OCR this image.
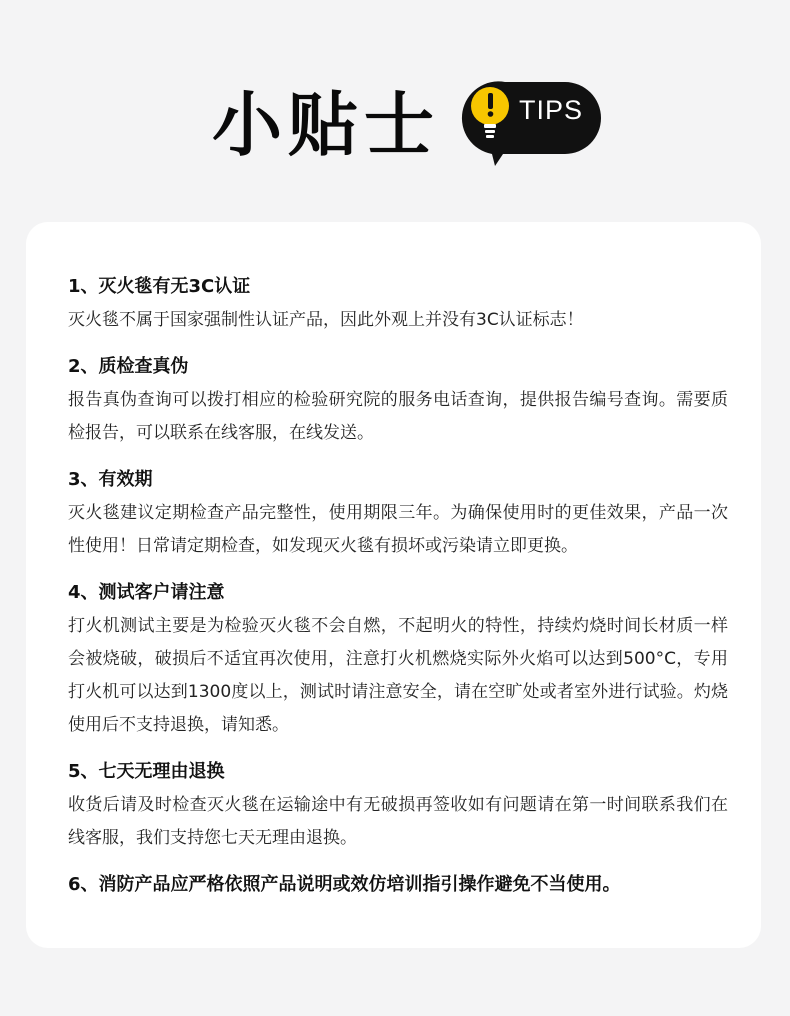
小贴士	TIPS
1、灭火毯有无3C认证
灭火毯不属于国家强制性认证产品，因此外观上并没有3C认证标志！
2、质检查真伪
报告真伪查询可以拨打相应的检验研究院的服务电话查询，提供报告编号查询。需要质检报告，可以联系在线客服，在线发送。
3、有效期
灭火毯建议定期检查产品完整性，使用期限三年。为确保使用时的更佳效果，产品一次性使用！日常请定期检查，如发现灭火毯有损坏或污染请立即更换。
4、测试客户请注意
打火机测试主要是为检验灭火毯不会自燃，不起明火的特性，持续灼烧时间长材质一样会被烧破，破损后不适宜再次使用，注意打火机燃烧实际外火焰可以达到500°C，专用打火机可以达到1300度以上，测试时请注意安全，请在空旷处或者室外进行试验。灼烧使用后不支持退换，请知悉。
5、七天无理由退换
收货后请及时检查灭火毯在运输途中有无破损再签收如有问题请在第一时间联系我们在线客服，我们支持您七天无理由退换。
6、消防产品应严格依照产品说明或效仿培训指引操作避免不当使用。
